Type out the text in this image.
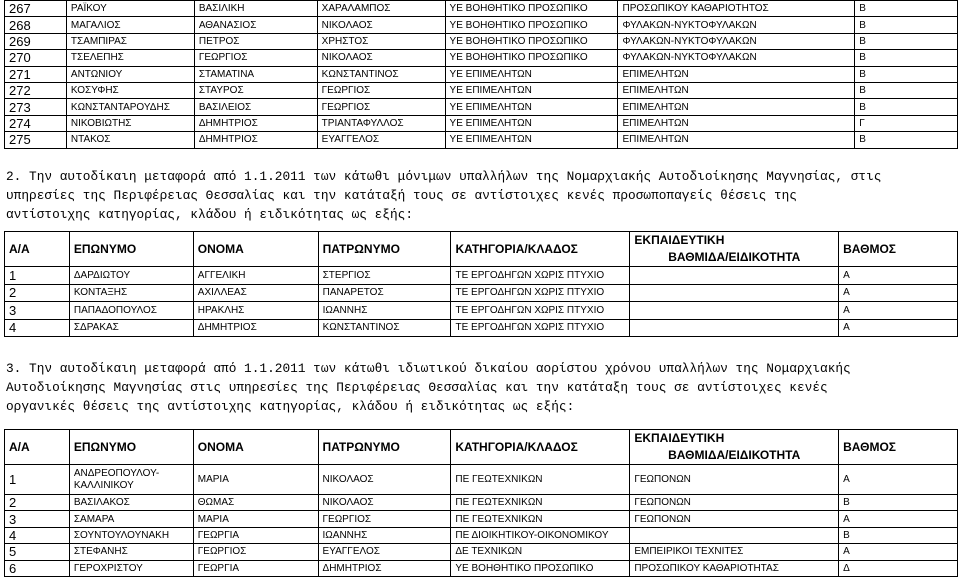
267	ΡΑΪΚΟΥ	ΒΑΣΙΛΙΚΗ	ΧΑΡΑΛΑΜΠΟΣ	ΥΕ ΒΟΗΘΗΤΙΚΟ ΠΡΟΣΩΠΙΚΟ	ΠΡΟΣΩΠΙΚΟΥ ΚΑΘΑΡΙΟΤΗΤΟΣ	Β
268	ΜΑΓΑΛΙΟΣ	ΑΘΑΝΑΣΙΟΣ	ΝΙΚΟΛΑΟΣ	ΥΕ ΒΟΗΘΗΤΙΚΟ ΠΡΟΣΩΠΙΚΟ	ΦΥΛΑΚΩΝ-ΝΥΚΤΟΦΥΛΑΚΩΝ	Β
269	ΤΣΑΜΠΙΡΑΣ	ΠΕΤΡΟΣ	ΧΡΗΣΤΟΣ	ΥΕ ΒΟΗΘΗΤΙΚΟ ΠΡΟΣΩΠΙΚΟ	ΦΥΛΑΚΩΝ-ΝΥΚΤΟΦΥΛΑΚΩΝ	Β
270	ΤΣΕΛΕΠΗΣ	ΓΕΩΡΓΙΟΣ	ΝΙΚΟΛΑΟΣ	ΥΕ ΒΟΗΘΗΤΙΚΟ ΠΡΟΣΩΠΙΚΟ	ΦΥΛΑΚΩΝ-ΝΥΚΤΟΦΥΛΑΚΩΝ	Β
271	ΑΝΤΩΝΙΟΥ	ΣΤΑΜΑΤΙΝΑ	ΚΩΝΣΤΑΝΤΙΝΟΣ	ΥΕ ΕΠΙΜΕΛΗΤΩΝ	ΕΠΙΜΕΛΗΤΩΝ	Β
272	ΚΟΣΥΦΗΣ	ΣΤΑΥΡΟΣ	ΓΕΩΡΓΙΟΣ	ΥΕ ΕΠΙΜΕΛΗΤΩΝ	ΕΠΙΜΕΛΗΤΩΝ	Β
273	ΚΩΝΣΤΑΝΤΑΡΟΥΔΗΣ	ΒΑΣΙΛΕΙΟΣ	ΓΕΩΡΓΙΟΣ	ΥΕ ΕΠΙΜΕΛΗΤΩΝ	ΕΠΙΜΕΛΗΤΩΝ	Β
274	ΝΙΚΟΒΙΩΤΗΣ	ΔΗΜΗΤΡΙΟΣ	ΤΡΙΑΝΤΑΦΥΛΛΟΣ	ΥΕ ΕΠΙΜΕΛΗΤΩΝ	ΕΠΙΜΕΛΗΤΩΝ	Γ
275	ΝΤΑΚΟΣ	ΔΗΜΗΤΡΙΟΣ	ΕΥΑΓΓΕΛΟΣ	ΥΕ ΕΠΙΜΕΛΗΤΩΝ	ΕΠΙΜΕΛΗΤΩΝ	Β
2. Την αυτοδίκαιη μεταφορά από 1.1.2011 των κάτωθι μόνιμων υπαλλήλων της Νομαρχιακής Αυτοδιοίκησης Μαγνησίας, στις
υπηρεσίες της Περιφέρειας Θεσσαλίας και την κατάταξή τους σε αντίστοιχες κενές προσωποπαγείς θέσεις της
αντίστοιχης κατηγορίας, κλάδου ή ειδικότητας ως εξής:
Α/Α	ΕΠΩΝΥΜΟ	ΟΝΟΜΑ	ΠΑΤΡΩΝΥΜΟ	ΚΑΤΗΓΟΡΙΑ/ΚΛΑΔΟΣ	ΕΚΠΑΙΔΕΥΤΙΚΗ
ΒΑΘΜΙΔΑ/ΕΙΔΙΚΟΤΗΤΑ	ΒΑΘΜΟΣ
1	ΔΑΡΔΙΩΤΟΥ	ΑΓΓΕΛΙΚΗ	ΣΤΕΡΓΙΟΣ	ΤΕ ΕΡΓΟΔΗΓΩΝ ΧΩΡΙΣ ΠΤΥΧΙΟ		Α
2	ΚΟΝΤΑΞΗΣ	ΑΧΙΛΛΕΑΣ	ΠΑΝΑΡΕΤΟΣ	ΤΕ ΕΡΓΟΔΗΓΩΝ ΧΩΡΙΣ ΠΤΥΧΙΟ		Α
3	ΠΑΠΑΔΟΠΟΥΛΟΣ	ΗΡΑΚΛΗΣ	ΙΩΑΝΝΗΣ	ΤΕ ΕΡΓΟΔΗΓΩΝ ΧΩΡΙΣ ΠΤΥΧΙΟ		Α
4	ΣΔΡΑΚΑΣ	ΔΗΜΗΤΡΙΟΣ	ΚΩΝΣΤΑΝΤΙΝΟΣ	ΤΕ ΕΡΓΟΔΗΓΩΝ ΧΩΡΙΣ ΠΤΥΧΙΟ		Α
3. Την αυτοδίκαιη μεταφορά από 1.1.2011 των κάτωθι ιδιωτικού δικαίου αορίστου χρόνου υπαλλήλων της Νομαρχιακής
Αυτοδιοίκησης Μαγνησίας στις υπηρεσίες της Περιφέρειας Θεσσαλίας και την κατάταξη τους σε αντίστοιχες κενές
οργανικές θέσεις της αντίστοιχης κατηγορίας, κλάδου ή ειδικότητας ως εξής:
Α/Α	ΕΠΩΝΥΜΟ	ΟΝΟΜΑ	ΠΑΤΡΩΝΥΜΟ	ΚΑΤΗΓΟΡΙΑ/ΚΛΑΔΟΣ	ΕΚΠΑΙΔΕΥΤΙΚΗ
ΒΑΘΜΙΔΑ/ΕΙΔΙΚΟΤΗΤΑ	ΒΑΘΜΟΣ
1	ΑΝΔΡΕΟΠΟΥΛΟΥ-ΚΑΛΛΙΝΙΚΟΥ	ΜΑΡΙΑ	ΝΙΚΟΛΑΟΣ	ΠΕ ΓΕΩΤΕΧΝΙΚΩΝ	ΓΕΩΠΟΝΩΝ	Α
2	ΒΑΣΙΛΑΚΟΣ	ΘΩΜΑΣ	ΝΙΚΟΛΑΟΣ	ΠΕ ΓΕΩΤΕΧΝΙΚΩΝ	ΓΕΩΠΟΝΩΝ	Β
3	ΣΑΜΑΡΑ	ΜΑΡΙΑ	ΓΕΩΡΓΙΟΣ	ΠΕ ΓΕΩΤΕΧΝΙΚΩΝ	ΓΕΩΠΟΝΩΝ	Α
4	ΣΟΥΝΤΟΥΛΟΥΝΑΚΗ	ΓΕΩΡΓΙΑ	ΙΩΑΝΝΗΣ	ΠΕ ΔΙΟΙΚΗΤΙΚΟΥ-ΟΙΚΟΝΟΜΙΚΟΥ		Β
5	ΣΤΕΦΑΝΗΣ	ΓΕΩΡΓΙΟΣ	ΕΥΑΓΓΕΛΟΣ	ΔΕ ΤΕΧΝΙΚΩΝ	ΕΜΠΕΙΡΙΚΟΙ ΤΕΧΝΙΤΕΣ	Α
6	ΓΕΡΟΧΡΙΣΤΟΥ	ΓΕΩΡΓΙΑ	ΔΗΜΗΤΡΙΟΣ	ΥΕ ΒΟΗΘΗΤΙΚΟ ΠΡΟΣΩΠΙΚΟ	ΠΡΟΣΩΠΙΚΟΥ ΚΑΘΑΡΙΟΤΗΤΑΣ	Δ
